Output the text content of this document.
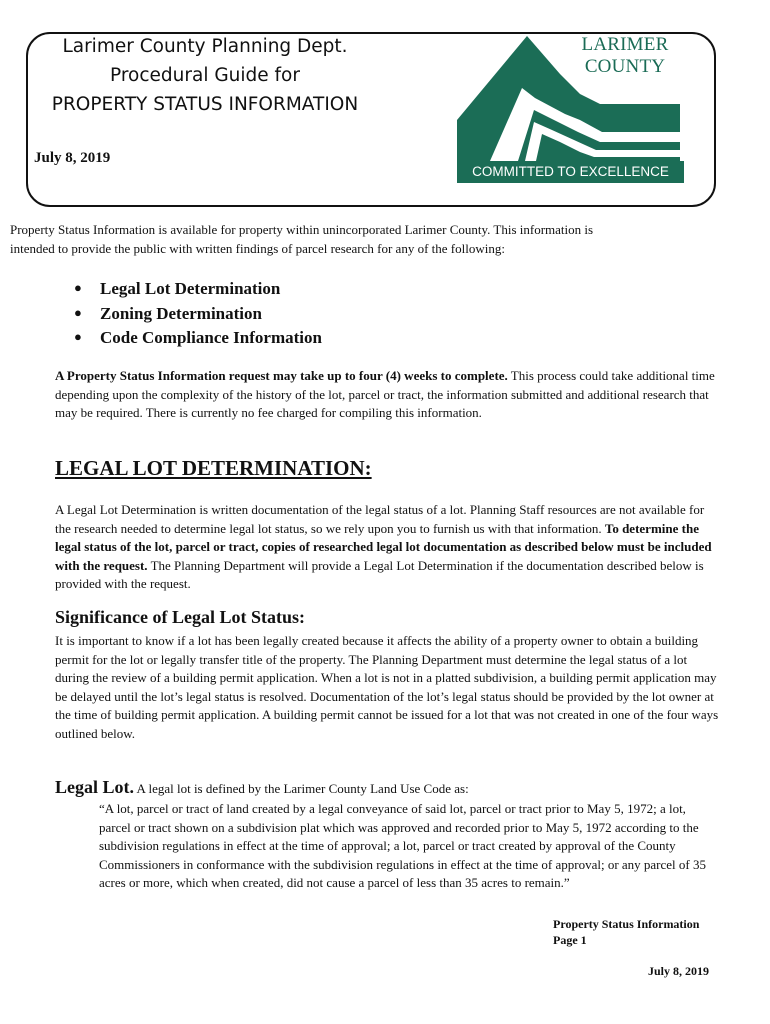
Larimer County Planning Dept.
Procedural Guide for
PROPERTY STATUS INFORMATION
July 8, 2019
LARIMER
COUNTY
COMMITTED TO EXCELLENCE
Property Status Information is available for property within unincorporated Larimer County. This information is intended to provide the public with written findings of parcel research for any of the following:
● Legal Lot Determination
● Zoning Determination
● Code Compliance Information
A Property Status Information request may take up to four (4) weeks to complete. This process could take additional time depending upon the complexity of the history of the lot, parcel or tract, the information submitted and additional research that may be required. There is currently no fee charged for compiling this information.
LEGAL LOT DETERMINATION:
A Legal Lot Determination is written documentation of the legal status of a lot. Planning Staff resources are not available for the research needed to determine legal lot status, so we rely upon you to furnish us with that information. To determine the legal status of the lot, parcel or tract, copies of researched legal lot documentation as described below must be included with the request. The Planning Department will provide a Legal Lot Determination if the documentation described below is provided with the request.
Significance of Legal Lot Status:
It is important to know if a lot has been legally created because it affects the ability of a property owner to obtain a building permit for the lot or legally transfer title of the property. The Planning Department must determine the legal status of a lot during the review of a building permit application. When a lot is not in a platted subdivision, a building permit application may be delayed until the lot’s legal status is resolved. Documentation of the lot’s legal status should be provided by the lot owner at the time of building permit application. A building permit cannot be issued for a lot that was not created in one of the four ways outlined below.
Legal Lot. A legal lot is defined by the Larimer County Land Use Code as:
“A lot, parcel or tract of land created by a legal conveyance of said lot, parcel or tract prior to May 5, 1972; a lot, parcel or tract shown on a subdivision plat which was approved and recorded prior to May 5, 1972 according to the subdivision regulations in effect at the time of approval; a lot, parcel or tract created by approval of the County Commissioners in conformance with the subdivision regulations in effect at the time of approval; or any parcel of 35 acres or more, which when created, did not cause a parcel of less than 35 acres to remain.”
Property Status Information
Page 1
July 8, 2019
